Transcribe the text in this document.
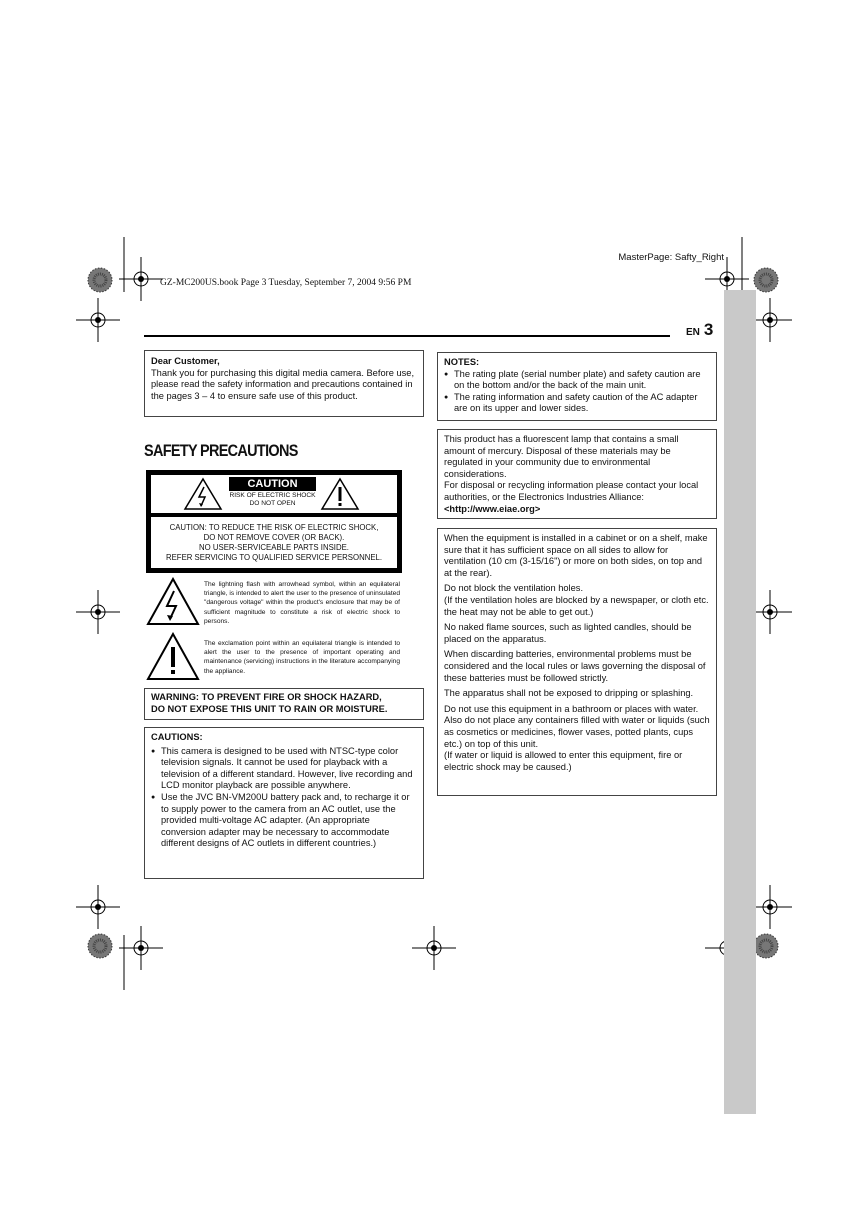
MasterPage: Safty_Right
GZ-MC200US.book Page 3 Tuesday, September 7, 2004 9:56 PM
EN 3
Dear Customer,
Thank you for purchasing this digital media camera. Before use, please read the safety information and precautions contained in the pages 3 – 4 to ensure safe use of this product.
SAFETY PRECAUTIONS
CAUTION
RISK OF ELECTRIC SHOCK
DO NOT OPEN
CAUTION: TO REDUCE THE RISK OF ELECTRIC SHOCK,
DO NOT REMOVE COVER (OR BACK).
NO USER-SERVICEABLE PARTS INSIDE.
REFER SERVICING TO QUALIFIED SERVICE PERSONNEL.
The lightning flash with arrowhead symbol, within an equilateral triangle, is intended to alert the user to the presence of uninsulated "dangerous voltage" within the product's enclosure that may be of sufficient magnitude to constitute a risk of electric shock to persons.
The exclamation point within an equilateral triangle is intended to alert the user to the presence of important operating and maintenance (servicing) instructions in the literature accompanying the appliance.
WARNING: TO PREVENT FIRE OR SHOCK HAZARD,
DO NOT EXPOSE THIS UNIT TO RAIN OR MOISTURE.
CAUTIONS:
● This camera is designed to be used with NTSC-type color television signals. It cannot be used for playback with a television of a different standard. However, live recording and LCD monitor playback are possible anywhere.
● Use the JVC BN-VM200U battery pack and, to recharge it or to supply power to the camera from an AC outlet, use the provided multi-voltage AC adapter. (An appropriate conversion adapter may be necessary to accommodate different designs of AC outlets in different countries.)
NOTES:
● The rating plate (serial number plate) and safety caution are on the bottom and/or the back of the main unit.
● The rating information and safety caution of the AC adapter are on its upper and lower sides.
This product has a fluorescent lamp that contains a small amount of mercury. Disposal of these materials may be regulated in your community due to environmental considerations.
For disposal or recycling information please contact your local authorities, or the Electronics Industries Alliance:
<http://www.eiae.org>

When the equipment is installed in a cabinet or on a shelf, make sure that it has sufficient space on all sides to allow for ventilation (10 cm (3-15/16") or more on both sides, on top and at the rear).

Do not block the ventilation holes.
(If the ventilation holes are blocked by a newspaper, or cloth etc. the heat may not be able to get out.)

No naked flame sources, such as lighted candles, should be placed on the apparatus.

When discarding batteries, environmental problems must be considered and the local rules or laws governing the disposal of these batteries must be followed strictly.

The apparatus shall not be exposed to dripping or splashing.

Do not use this equipment in a bathroom or places with water.
Also do not place any containers filled with water or liquids (such as cosmetics or medicines, flower vases, potted plants, cups etc.) on top of this unit.
(If water or liquid is allowed to enter this equipment, fire or electric shock may be caused.)
